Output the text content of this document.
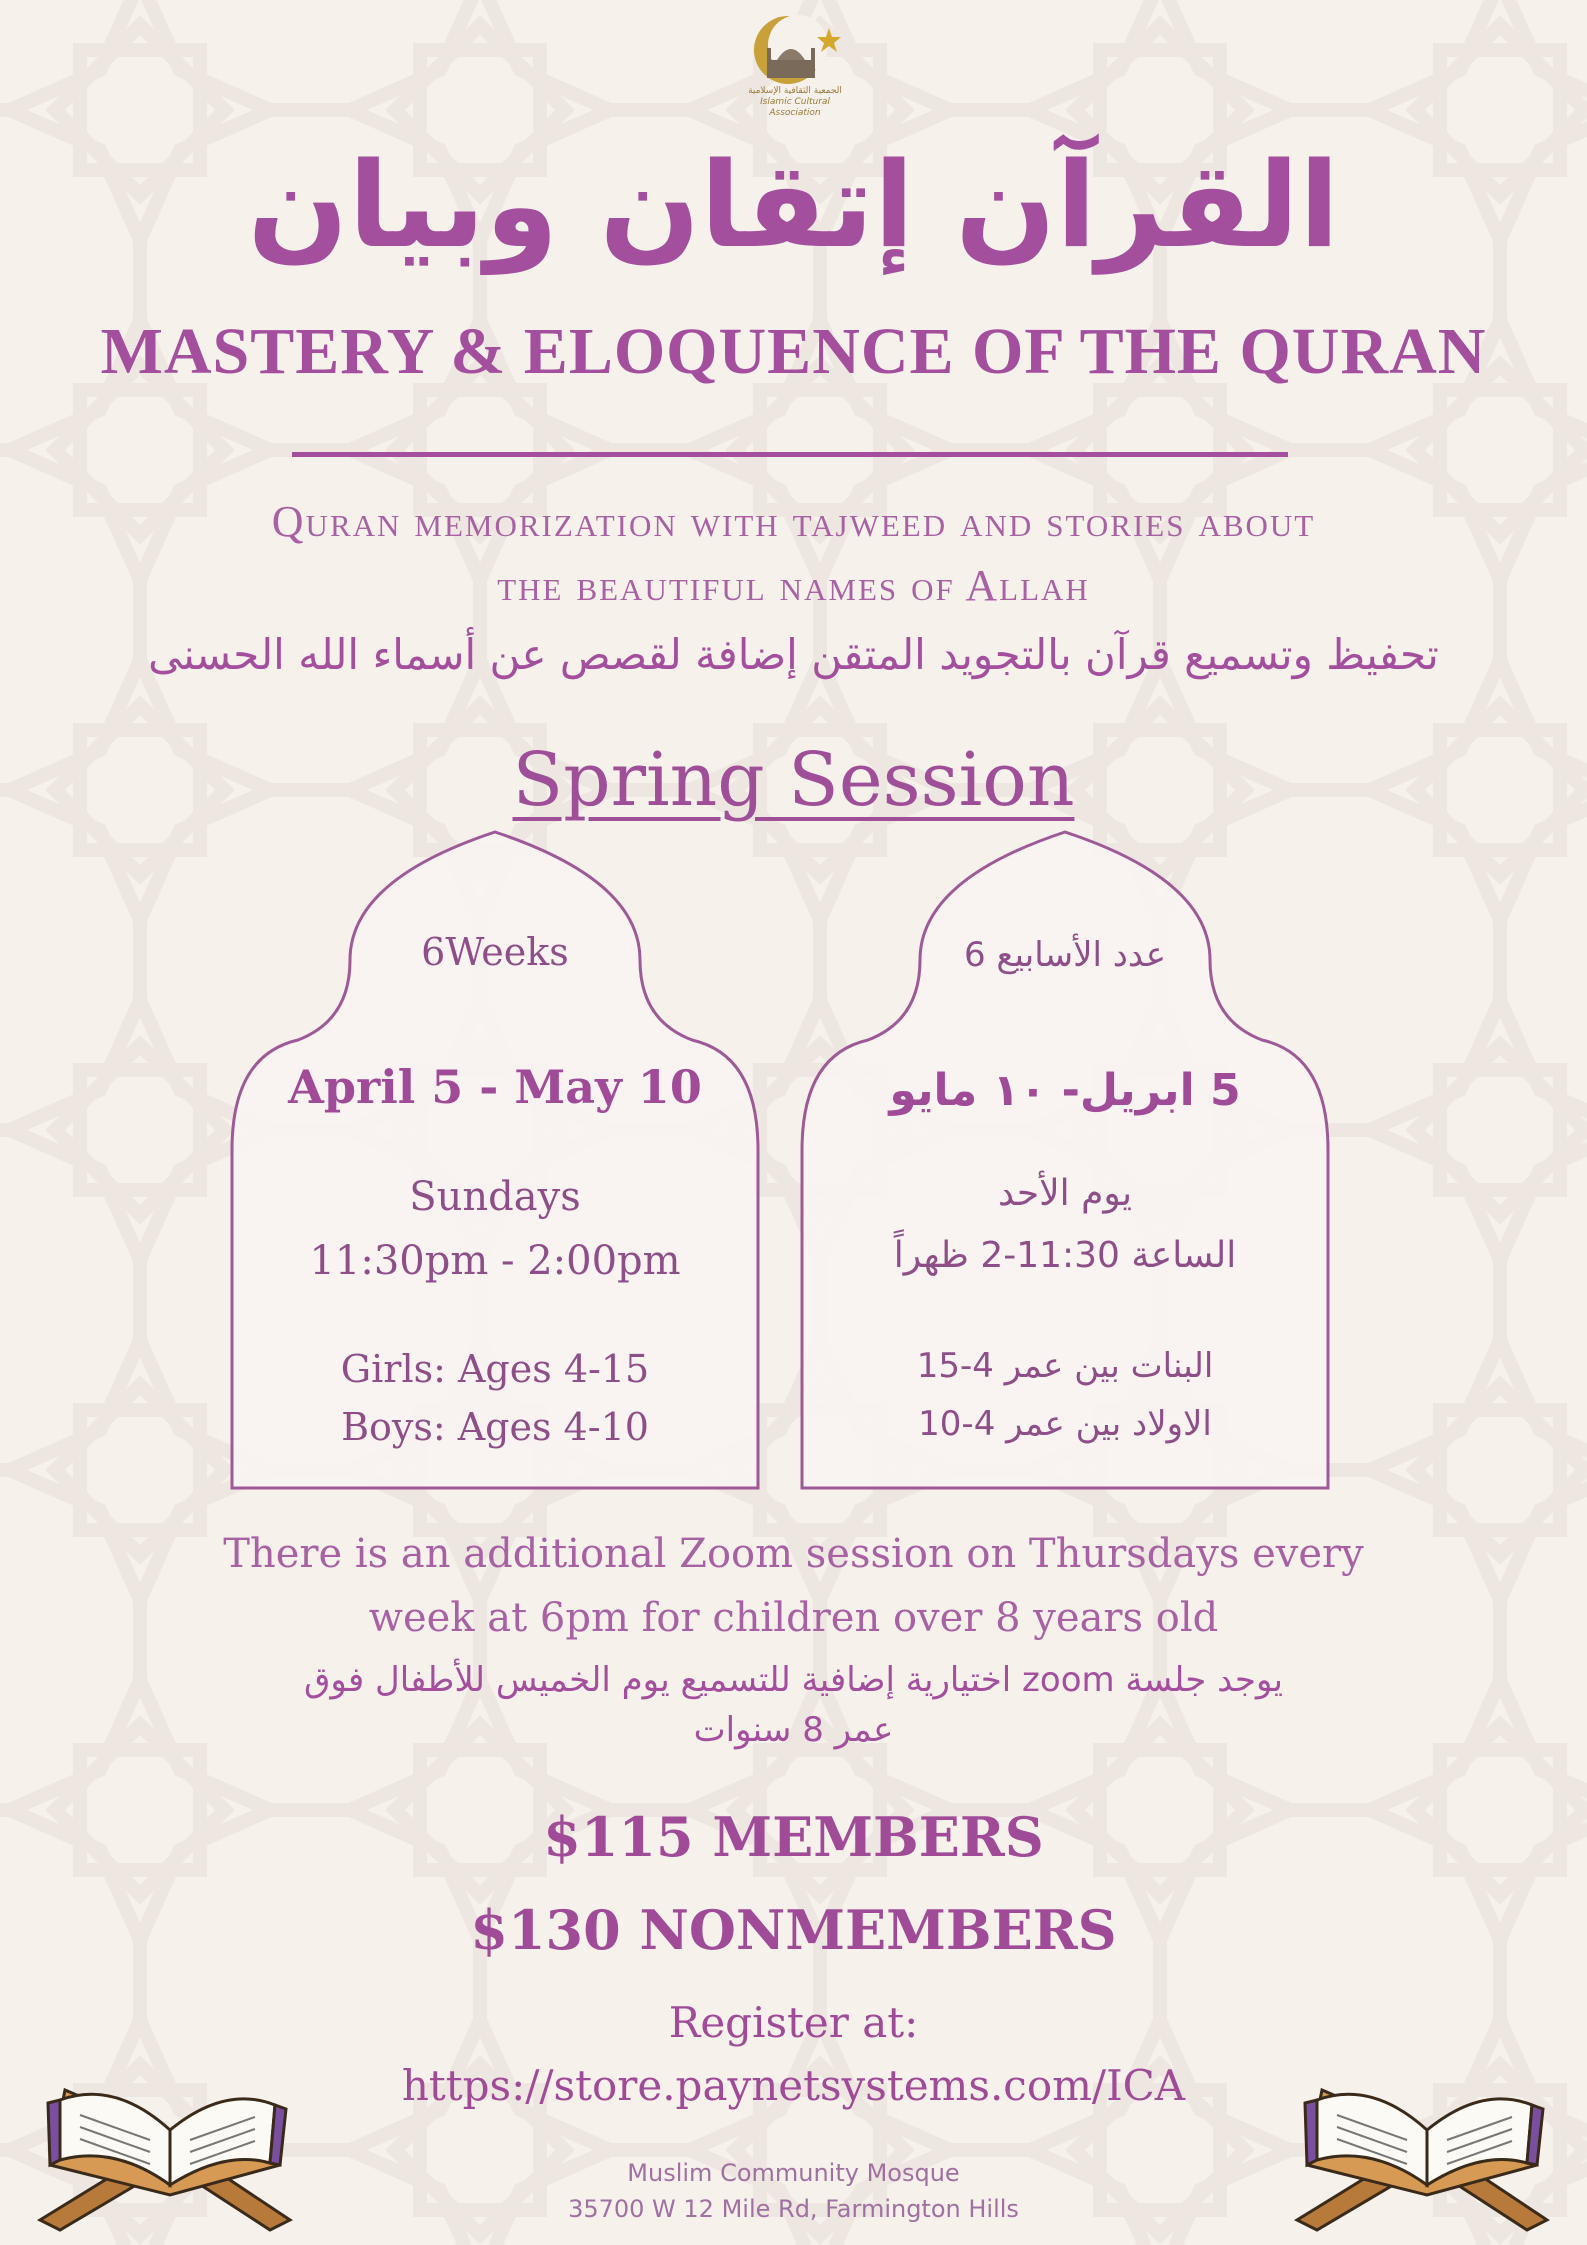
الجمعية الثقافية الإسلامية
Islamic Cultural Association
القرآن إتقان وبيان
MASTERY & ELOQUENCE OF THE QURAN
Quran memorization with tajweed and stories about
the beautiful names of Allah
تحفيظ وتسميع قرآن بالتجويد المتقن إضافة لقصص عن أسماء الله الحسنى
Spring Session
6Weeks
April 5 - May 10
Sundays
11:30pm - 2:00pm
Girls: Ages 4-15
Boys: Ages 4-10
عدد الأسابيع 6
5 ابريل- ١٠ مايو
يوم الأحد
الساعة 11:30-2 ظهراً
البنات بين عمر 4-15
الاولاد بين عمر 4-10
There is an additional Zoom session on Thursdays every
week at 6pm for children over 8 years old
يوجد جلسة zoom اختيارية إضافية للتسميع يوم الخميس للأطفال فوق
عمر 8 سنوات
$115 MEMBERS
$130 NONMEMBERS
Register at:
https://store.paynetsystems.com/ICA
Muslim Community Mosque
35700 W 12 Mile Rd, Farmington Hills
